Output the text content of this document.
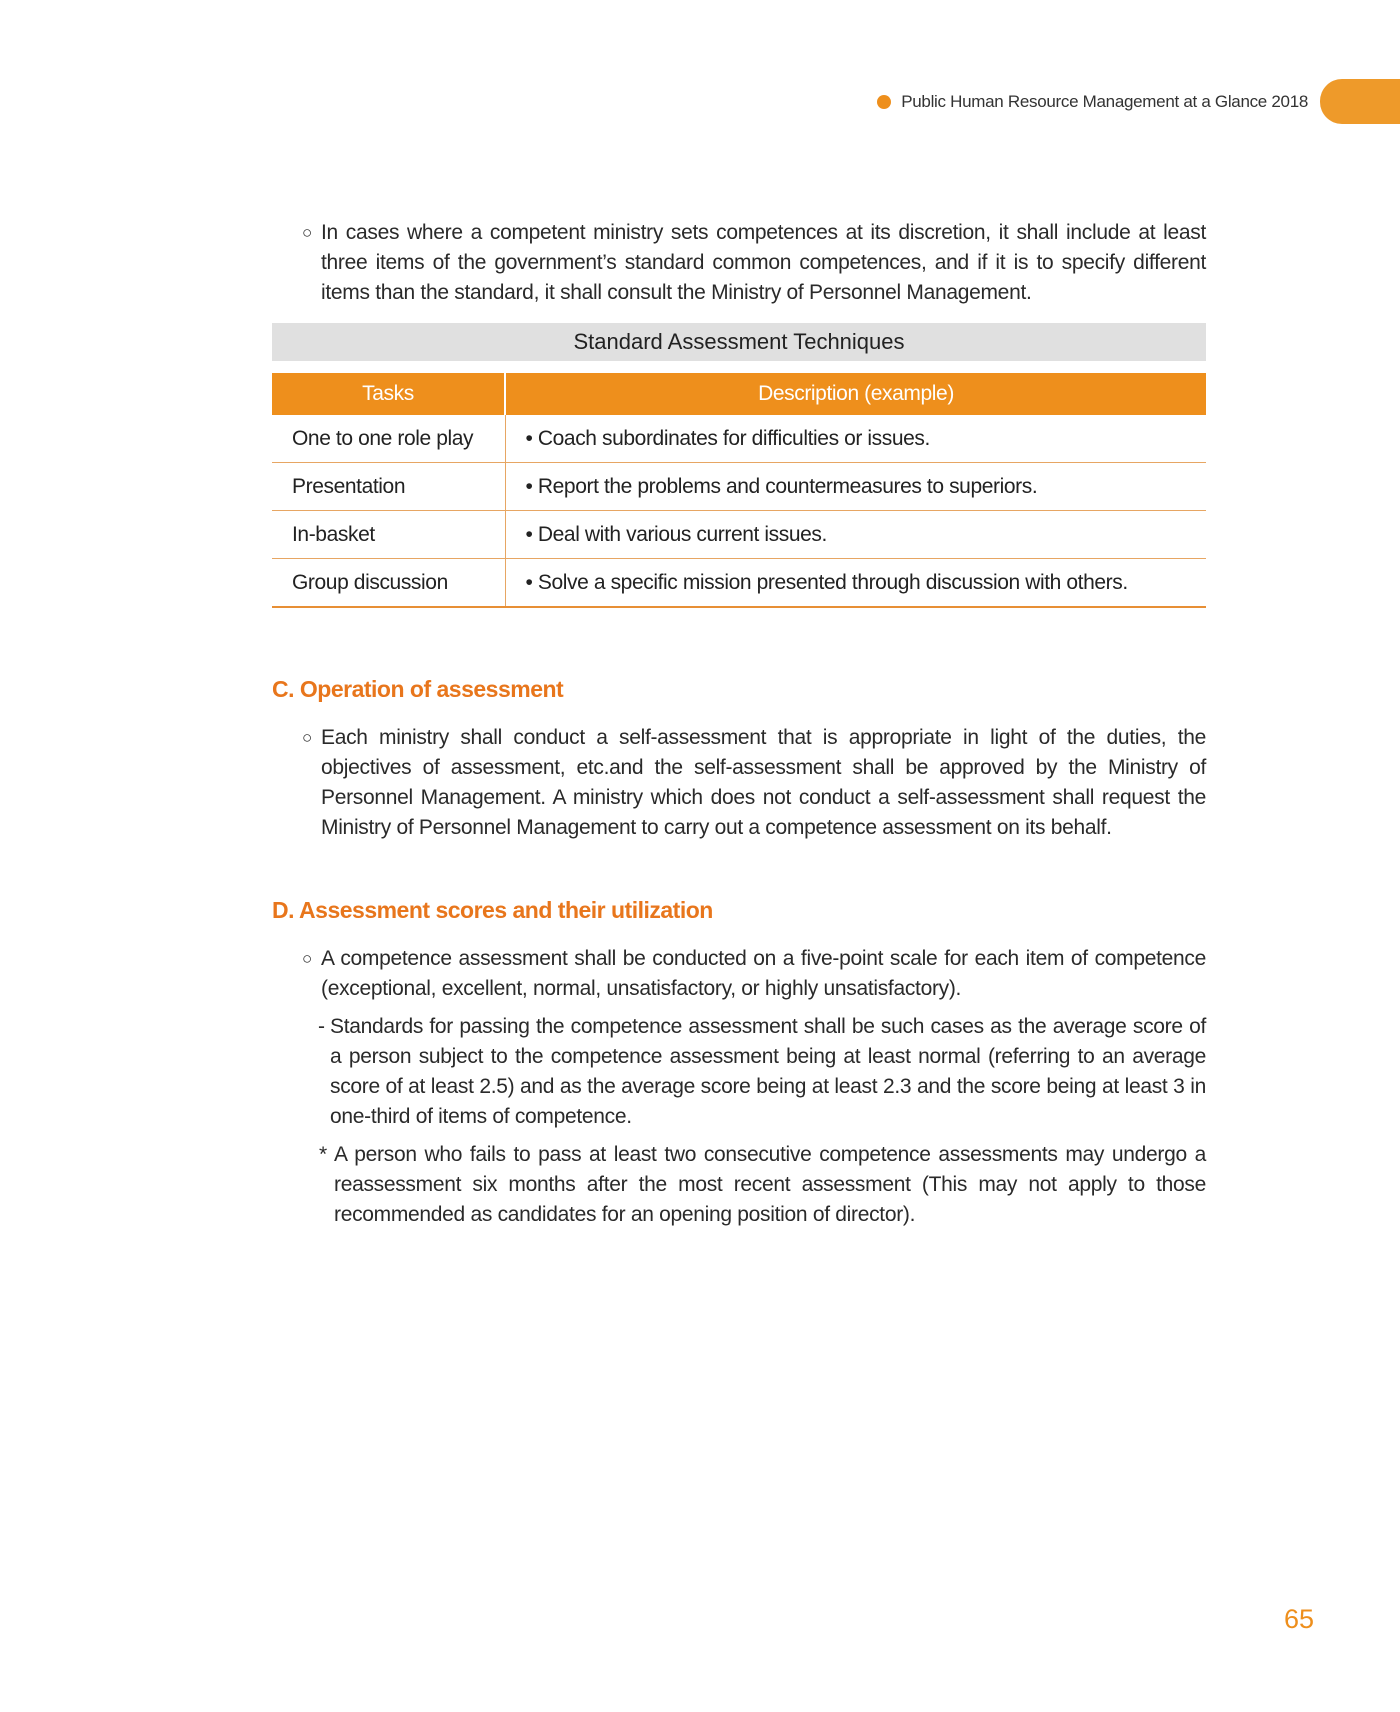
Public Human Resource Management at a Glance 2018
○ In cases where a competent ministry sets competences at its discretion, it shall include at least three items of the government’s standard common competences, and if it is to specify different items than the standard, it shall consult the Ministry of Personnel Management.
Standard Assessment Techniques
Tasks	Description (example)
One to one role play	• Coach subordinates for difficulties or issues.
Presentation	• Report the problems and countermeasures to superiors.
In-basket	• Deal with various current issues.
Group discussion	• Solve a specific mission presented through discussion with others.
C. Operation of assessment
○ Each ministry shall conduct a self-assessment that is appropriate in light of the duties, the objectives of assessment, etc.and the self-assessment shall be approved by the Ministry of Personnel Management. A ministry which does not conduct a self-assessment shall request the Ministry of Personnel Management to carry out a competence assessment on its behalf.
D. Assessment scores and their utilization
○ A competence assessment shall be conducted on a five-point scale for each item of competence (exceptional, excellent, normal, unsatisfactory, or highly unsatisfactory).
- Standards for passing the competence assessment shall be such cases as the average score of a person subject to the competence assessment being at least normal (referring to an average score of at least 2.5) and as the average score being at least 2.3 and the score being at least 3 in one-third of items of competence.
* A person who fails to pass at least two consecutive competence assessments may undergo a reassessment six months after the most recent assessment (This may not apply to those recommended as candidates for an opening position of director).
65
